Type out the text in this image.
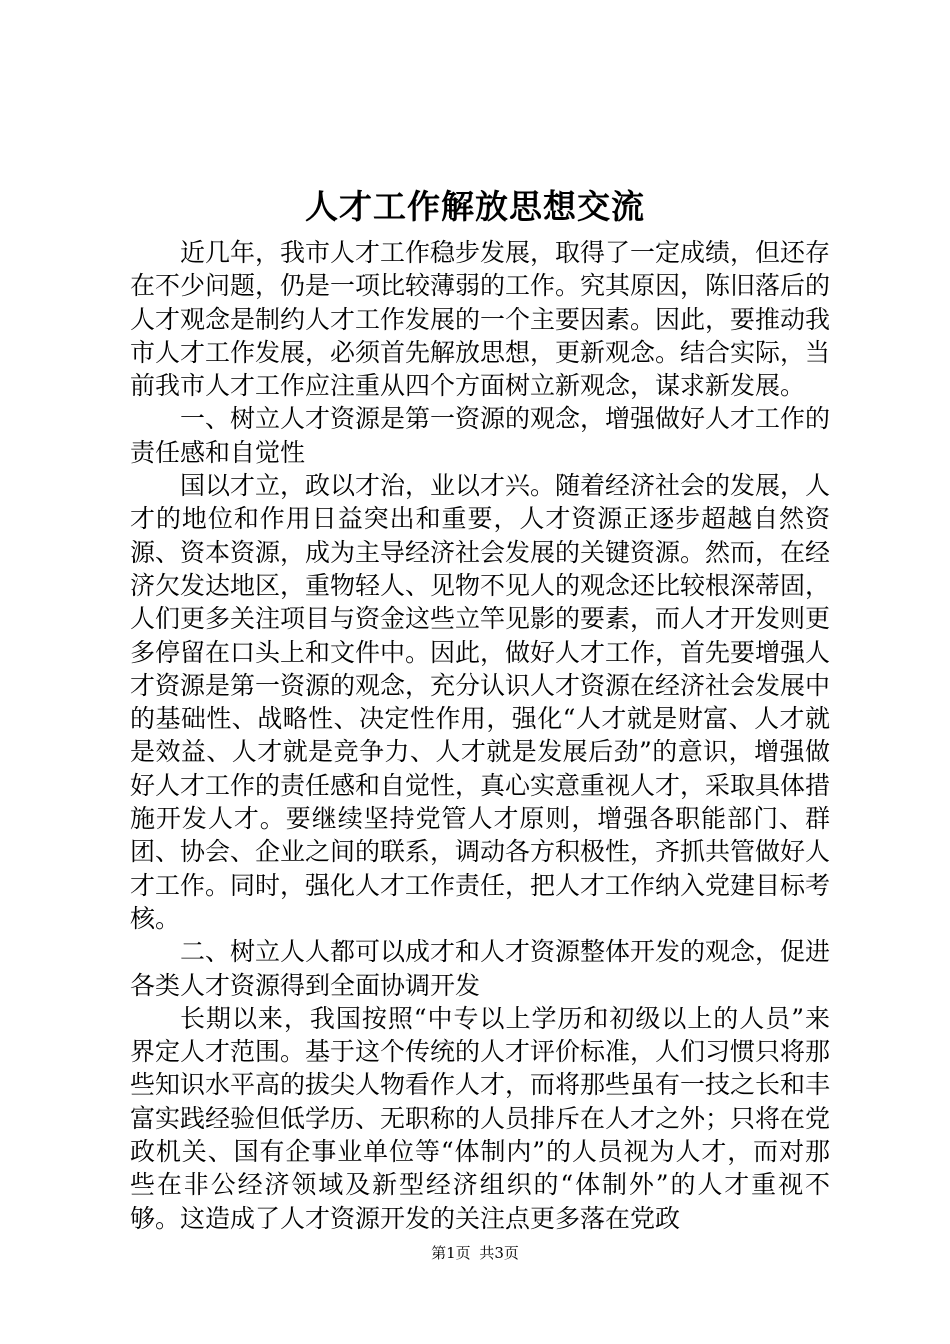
人才工作解放思想交流

近几年，我市人才工作稳步发展，取得了一定成绩，但还存在不少问题，仍是一项比较薄弱的工作。究其原因，陈旧落后的人才观念是制约人才工作发展的一个主要因素。因此，要推动我市人才工作发展，必须首先解放思想，更新观念。结合实际，当前我市人才工作应注重从四个方面树立新观念，谋求新发展。

一、树立人才资源是第一资源的观念，增强做好人才工作的责任感和自觉性

国以才立，政以才治，业以才兴。随着经济社会的发展，人才的地位和作用日益突出和重要，人才资源正逐步超越自然资源、资本资源，成为主导经济社会发展的关键资源。然而，在经济欠发达地区，重物轻人、见物不见人的观念还比较根深蒂固，人们更多关注项目与资金这些立竿见影的要素，而人才开发则更多停留在口头上和文件中。因此，做好人才工作，首先要增强人才资源是第一资源的观念，充分认识人才资源在经济社会发展中的基础性、战略性、决定性作用，强化“人才就是财富、人才就是效益、人才就是竞争力、人才就是发展后劲”的意识，增强做好人才工作的责任感和自觉性，真心实意重视人才，采取具体措施开发人才。要继续坚持党管人才原则，增强各职能部门、群团、协会、企业之间的联系，调动各方积极性，齐抓共管做好人才工作。同时，强化人才工作责任，把人才工作纳入党建目标考核。

二、树立人人都可以成才和人才资源整体开发的观念，促进各类人才资源得到全面协调开发

长期以来，我国按照“中专以上学历和初级以上的人员”来界定人才范围。基于这个传统的人才评价标准，人们习惯只将那些知识水平高的拔尖人物看作人才，而将那些虽有一技之长和丰富实践经验但低学历、无职称的人员排斥在人才之外；只将在党政机关、国有企事业单位等“体制内”的人员视为人才，而对那些在非公经济领域及新型经济组织的“体制外”的人才重视不够。这造成了人才资源开发的关注点更多落在党政

第1页 共3页
